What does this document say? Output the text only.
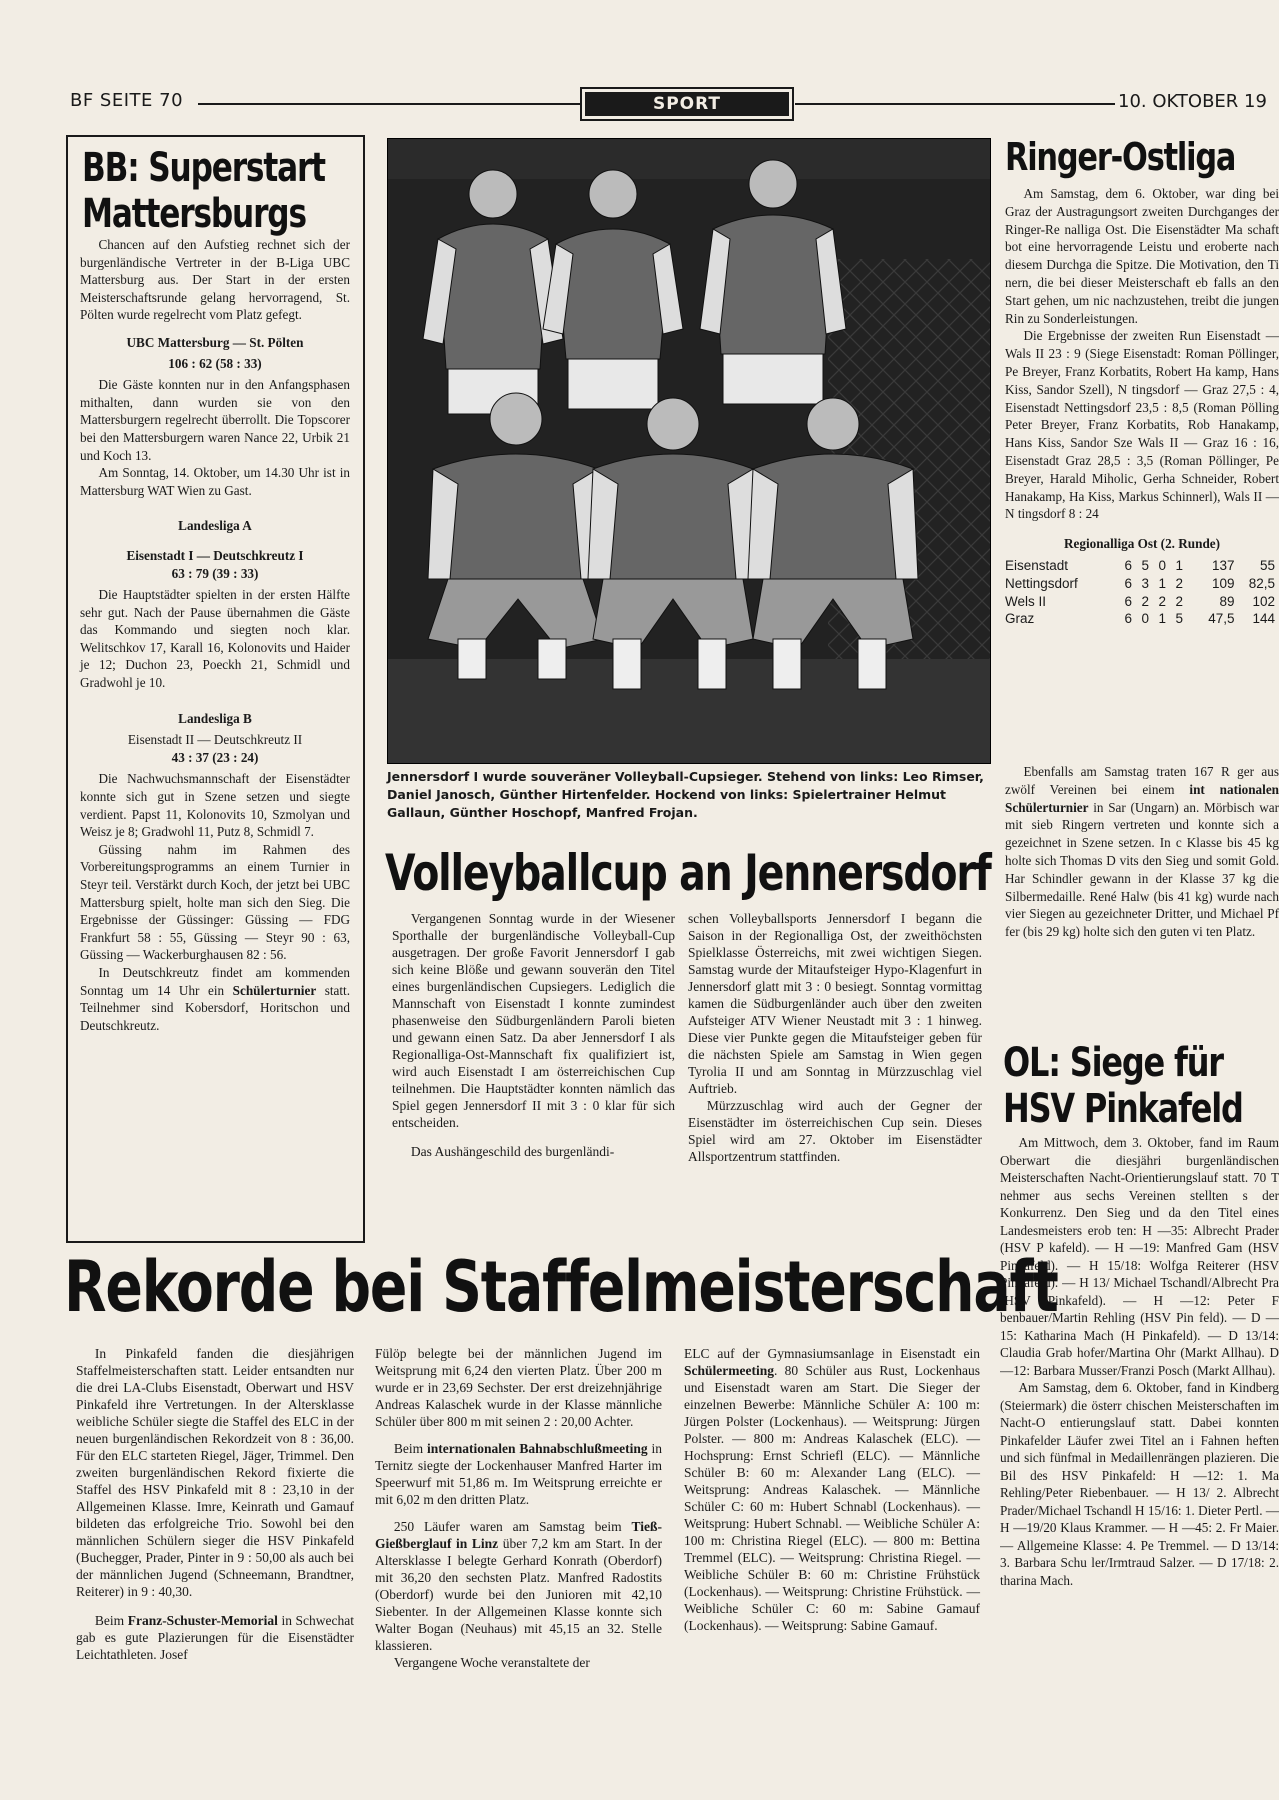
BF SEITE 70	SPORT	10. OKTOBER 19
BB: Superstart
Mattersburgs

Chancen auf den Aufstieg rechnet sich der burgenländische Vertreter in der B-Liga UBC Mattersburg aus. Der Start in der ersten Meisterschaftsrunde gelang hervorragend, St. Pölten wurde regelrecht vom Platz gefegt.

UBC Mattersburg — St. Pölten

106 : 62 (58 : 33)

Die Gäste konnten nur in den Anfangsphasen mithalten, dann wurden sie von den Mattersburgern regelrecht überrollt. Die Topscorer bei den Mattersburgern waren Nance 22, Urbik 21 und Koch 13.

Am Sonntag, 14. Oktober, um 14.30 Uhr ist in Mattersburg WAT Wien zu Gast.

Landesliga A

Eisenstadt I — Deutschkreutz I

63 : 79 (39 : 33)

Die Hauptstädter spielten in der ersten Hälfte sehr gut. Nach der Pause übernahmen die Gäste das Kommando und siegten noch klar. Welitschkov 17, Karall 16, Kolonovits und Haider je 12; Duchon 23, Poeckh 21, Schmidl und Gradwohl je 10.

Landesliga B

Eisenstadt II — Deutschkreutz II

43 : 37 (23 : 24)

Die Nachwuchsmannschaft der Eisenstädter konnte sich gut in Szene setzen und siegte verdient. Papst 11, Kolonovits 10, Szmolyan und Weisz je 8; Gradwohl 11, Putz 8, Schmidl 7.

Güssing nahm im Rahmen des Vorbereitungsprogramms an einem Turnier in Steyr teil. Verstärkt durch Koch, der jetzt bei UBC Mattersburg spielt, holte man sich den Sieg. Die Ergebnisse der Güssinger: Güssing — FDG Frankfurt 58 : 55, Güssing — Steyr 90 : 63, Güssing — Wackerburghausen 82 : 56.

In Deutschkreutz findet am kommenden Sonntag um 14 Uhr ein Schülerturnier statt. Teilnehmer sind Kobersdorf, Horitschon und Deutschkreutz.

Jennersdorf I wurde souveräner Volleyball-Cupsieger. Stehend von links: Leo Rimser, Daniel Janosch, Günther Hirtenfelder. Hockend von links: Spielertrainer Helmut Gallaun, Günther Hoschopf, Manfred Frojan.
Volleyballcup an Jennersdorf

Vergangenen Sonntag wurde in der Wiesener Sporthalle der burgenländische Volleyball-Cup ausgetragen. Der große Favorit Jennersdorf I gab sich keine Blöße und gewann souverän den Titel eines burgenländischen Cupsiegers. Lediglich die Mannschaft von Eisenstadt I konnte zumindest phasenweise den Südburgenländern Paroli bieten und gewann einen Satz. Da aber Jennersdorf I als Regionalliga-Ost-Mannschaft fix qualifiziert ist, wird auch Eisenstadt I am österreichischen Cup teilnehmen. Die Hauptstädter konnten nämlich das Spiel gegen Jennersdorf II mit 3 : 0 klar für sich entscheiden.

Das Aushängeschild des burgenländi-

schen Volleyballsports Jennersdorf I begann die Saison in der Regionalliga Ost, der zweithöchsten Spielklasse Österreichs, mit zwei wichtigen Siegen. Samstag wurde der Mitaufsteiger Hypo-Klagenfurt in Jennersdorf glatt mit 3 : 0 besiegt. Sonntag vormittag kamen die Südburgenländer auch über den zweiten Aufsteiger ATV Wiener Neustadt mit 3 : 1 hinweg. Diese vier Punkte gegen die Mitaufsteiger geben für die nächsten Spiele am Samstag in Wien gegen Tyrolia II und am Sonntag in Mürzzuschlag viel Auftrieb.

Mürzzuschlag wird auch der Gegner der Eisenstädter im österreichischen Cup sein. Dieses Spiel wird am 27. Oktober im Eisenstädter Allsportzentrum stattfinden.

Ringer-Ostliga

Am Samstag, dem 6. Oktober, war ding bei Graz der Austragungsort zweiten Durchganges der Ringer-Re nalliga Ost. Die Eisenstädter Ma schaft bot eine hervorragende Leistu und eroberte nach diesem Durchga die Spitze. Die Motivation, den Ti nern, die bei dieser Meisterschaft eb falls an den Start gehen, um nic nachzustehen, treibt die jungen Rin zu Sonderleistungen.

Die Ergebnisse der zweiten Run Eisenstadt — Wals II 23 : 9 (Siege Eisenstadt: Roman Pöllinger, Pe Breyer, Franz Korbatits, Robert Ha kamp, Hans Kiss, Sandor Szell), N tingsdorf — Graz 27,5 : 4, Eisenstadt Nettingsdorf 23,5 : 8,5 (Roman Pölling Peter Breyer, Franz Korbatits, Rob Hanakamp, Hans Kiss, Sandor Sze Wals II — Graz 16 : 16, Eisenstadt Graz 28,5 : 3,5 (Roman Pöllinger, Pe Breyer, Harald Miholic, Gerha Schneider, Robert Hanakamp, Ha Kiss, Markus Schinnerl), Wals II — N tingsdorf 8 : 24

Regionalliga Ost (2. Runde)

Eisenstadt	6	5	0	1	137	55
Nettingsdorf	6	3	1	2	109	82,5
Wels II	6	2	2	2	89	102
Graz	6	0	1	5	47,5	144

Ebenfalls am Samstag traten 167 R ger aus zwölf Vereinen bei einem int nationalen Schülerturnier in Sar (Ungarn) an. Mörbisch war mit sieb Ringern vertreten und konnte sich a gezeichnet in Szene setzen. In c Klasse bis 45 kg holte sich Thomas D vits den Sieg und somit Gold. Har Schindler gewann in der Klasse 37 kg die Silbermedaille. René Halw (bis 41 kg) wurde nach vier Siegen au gezeichneter Dritter, und Michael Pf fer (bis 29 kg) holte sich den guten vi ten Platz.

OL: Siege für
HSV Pinkafeld

Am Mittwoch, dem 3. Oktober, fand im Raum Oberwart die diesjähri burgenländischen Meisterschaften Nacht-Orientierungslauf statt. 70 T nehmer aus sechs Vereinen stellten s der Konkurrenz. Den Sieg und da den Titel eines Landesmeisters erob ten: H —35: Albrecht Prader (HSV P kafeld). — H —19: Manfred Gam (HSV Pinkafeld). — H 15/18: Wolfga Reiterer (HSV Pinkafeld). — H 13/ Michael Tschandl/Albrecht Pra (HSV Pinkafeld). — H —12: Peter F benbauer/Martin Rehling (HSV Pin feld). — D —15: Katharina Mach (H Pinkafeld). — D 13/14: Claudia Grab hofer/Martina Ohr (Markt Allhau). D —12: Barbara Musser/Franzi Posch (Markt Allhau).

Am Samstag, dem 6. Oktober, fand in Kindberg (Steiermark) die österr chischen Meisterschaften im Nacht-O entierungslauf statt. Dabei konnten Pinkafelder Läufer zwei Titel an i Fahnen heften und sich fünfmal in Medaillenrängen plazieren. Die Bil des HSV Pinkafeld: H —12: 1. Ma Rehling/Peter Riebenbauer. — H 13/ 2. Albrecht Prader/Michael Tschandl H 15/16: 1. Dieter Pertl. — H —19/20 Klaus Krammer. — H —45: 2. Fr Maier. — Allgemeine Klasse: 4. Pe Tremmel. — D 13/14: 3. Barbara Schu ler/Irmtraud Salzer. — D 17/18: 2. tharina Mach.

Rekorde bei Staffelmeisterschaft

In Pinkafeld fanden die diesjährigen Staffelmeisterschaften statt. Leider entsandten nur die drei LA-Clubs Eisenstadt, Oberwart und HSV Pinkafeld ihre Vertretungen. In der Altersklasse weibliche Schüler siegte die Staffel des ELC in der neuen burgenländischen Rekordzeit von 8 : 36,00. Für den ELC starteten Riegel, Jäger, Trimmel. Den zweiten burgenländischen Rekord fixierte die Staffel des HSV Pinkafeld mit 8 : 23,10 in der Allgemeinen Klasse. Imre, Keinrath und Gamauf bildeten das erfolgreiche Trio. Sowohl bei den männlichen Schülern sieger die HSV Pinkafeld (Buchegger, Prader, Pinter in 9 : 50,00 als auch bei der männlichen Jugend (Schneemann, Brandtner, Reiterer) in 9 : 40,30.

Beim Franz-Schuster-Memorial in Schwechat gab es gute Plazierungen für die Eisenstädter Leichtathleten. Josef

Fülöp belegte bei der männlichen Jugend im Weitsprung mit 6,24 den vierten Platz. Über 200 m wurde er in 23,69 Sechster. Der erst dreizehnjährige Andreas Kalaschek wurde in der Klasse männliche Schüler über 800 m mit seinen 2 : 20,00 Achter.

Beim internationalen Bahnabschlußmeeting in Ternitz siegte der Lockenhauser Manfred Harter im Speerwurf mit 51,86 m. Im Weitsprung erreichte er mit 6,02 m den dritten Platz.

250 Läufer waren am Samstag beim Tieß-Gießberglauf in Linz über 7,2 km am Start. In der Altersklasse I belegte Gerhard Konrath (Oberdorf) mit 36,20 den sechsten Platz. Manfred Radostits (Oberdorf) wurde bei den Junioren mit 42,10 Siebenter. In der Allgemeinen Klasse konnte sich Walter Bogan (Neuhaus) mit 45,15 an 32. Stelle klassieren.

Vergangene Woche veranstaltete der

ELC auf der Gymnasiumsanlage in Eisenstadt ein Schülermeeting. 80 Schüler aus Rust, Lockenhaus und Eisenstadt waren am Start. Die Sieger der einzelnen Bewerbe: Männliche Schüler A: 100 m: Jürgen Polster (Lockenhaus). — Weitsprung: Jürgen Polster. — 800 m: Andreas Kalaschek (ELC). — Hochsprung: Ernst Schriefl (ELC). — Männliche Schüler B: 60 m: Alexander Lang (ELC). — Weitsprung: Andreas Kalaschek. — Männliche Schüler C: 60 m: Hubert Schnabl (Lockenhaus). — Weitsprung: Hubert Schnabl. — Weibliche Schüler A: 100 m: Christina Riegel (ELC). — 800 m: Bettina Tremmel (ELC). — Weitsprung: Christina Riegel. — Weibliche Schüler B: 60 m: Christine Frühstück (Lockenhaus). — Weitsprung: Christine Frühstück. — Weibliche Schüler C: 60 m: Sabine Gamauf (Lockenhaus). — Weitsprung: Sabine Gamauf.
